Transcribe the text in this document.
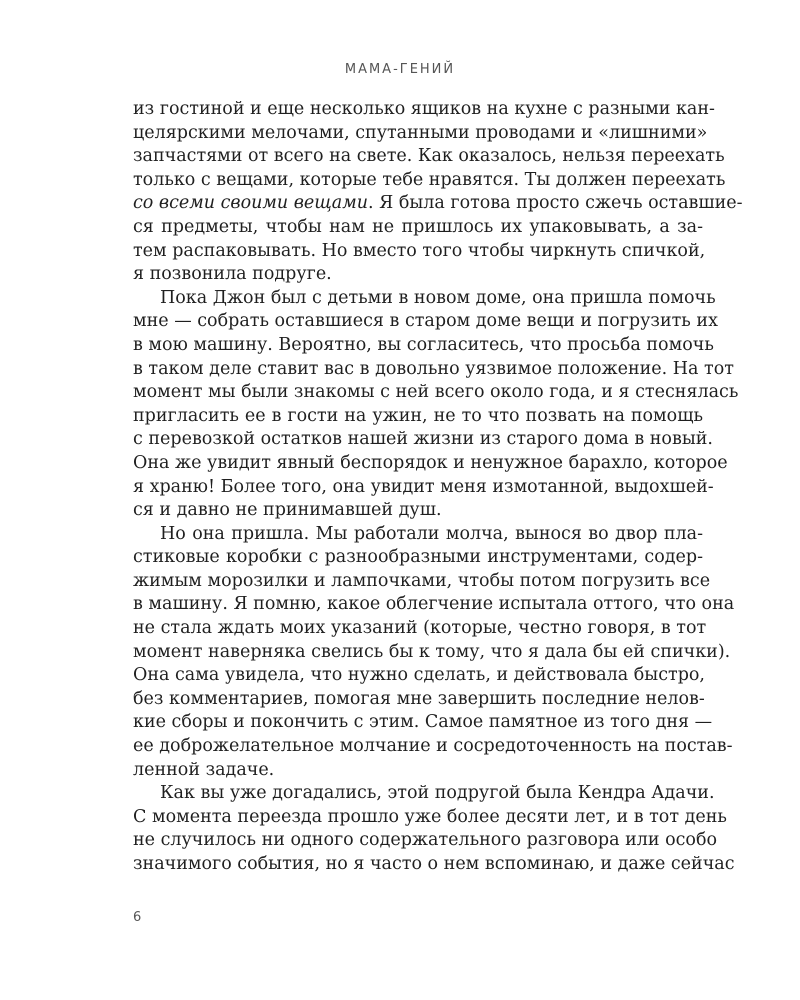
МАМА-ГЕНИЙ
из гостиной и еще несколько ящиков на кухне с разными кан-
целярскими мелочами, спутанными проводами и «лишними»
запчастями от всего на свете. Как оказалось, нельзя переехать
только с вещами, которые тебе нравятся. Ты должен переехать
со всеми своими вещами. Я была готова просто сжечь оставшие-
ся предметы, чтобы нам не пришлось их упаковывать, а за-
тем распаковывать. Но вместо того чтобы чиркнуть спичкой,
я позвонила подруге.
Пока Джон был с детьми в новом доме, она пришла помочь
мне — собрать оставшиеся в старом доме вещи и погрузить их
в мою машину. Вероятно, вы согласитесь, что просьба помочь
в таком деле ставит вас в довольно уязвимое положение. На тот
момент мы были знакомы с ней всего около года, и я стеснялась
пригласить ее в гости на ужин, не то что позвать на помощь
с перевозкой остатков нашей жизни из старого дома в новый.
Она же увидит явный беспорядок и ненужное барахло, которое
я храню! Более того, она увидит меня измотанной, выдохшей-
ся и давно не принимавшей душ.
Но она пришла. Мы работали молча, вынося во двор пла-
стиковые коробки с разнообразными инструментами, содер-
жимым морозилки и лампочками, чтобы потом погрузить все
в машину. Я помню, какое облегчение испытала оттого, что она
не стала ждать моих указаний (которые, честно говоря, в тот
момент наверняка свелись бы к тому, что я дала бы ей спички).
Она сама увидела, что нужно сделать, и действовала быстро,
без комментариев, помогая мне завершить последние нелов-
кие сборы и покончить с этим. Самое памятное из того дня —
ее доброжелательное молчание и сосредоточенность на постав-
ленной задаче.
Как вы уже догадались, этой подругой была Кендра Адачи.
С момента переезда прошло уже более десяти лет, и в тот день
не случилось ни одного содержательного разговора или особо
значимого события, но я часто о нем вспоминаю, и даже сейчас
6
